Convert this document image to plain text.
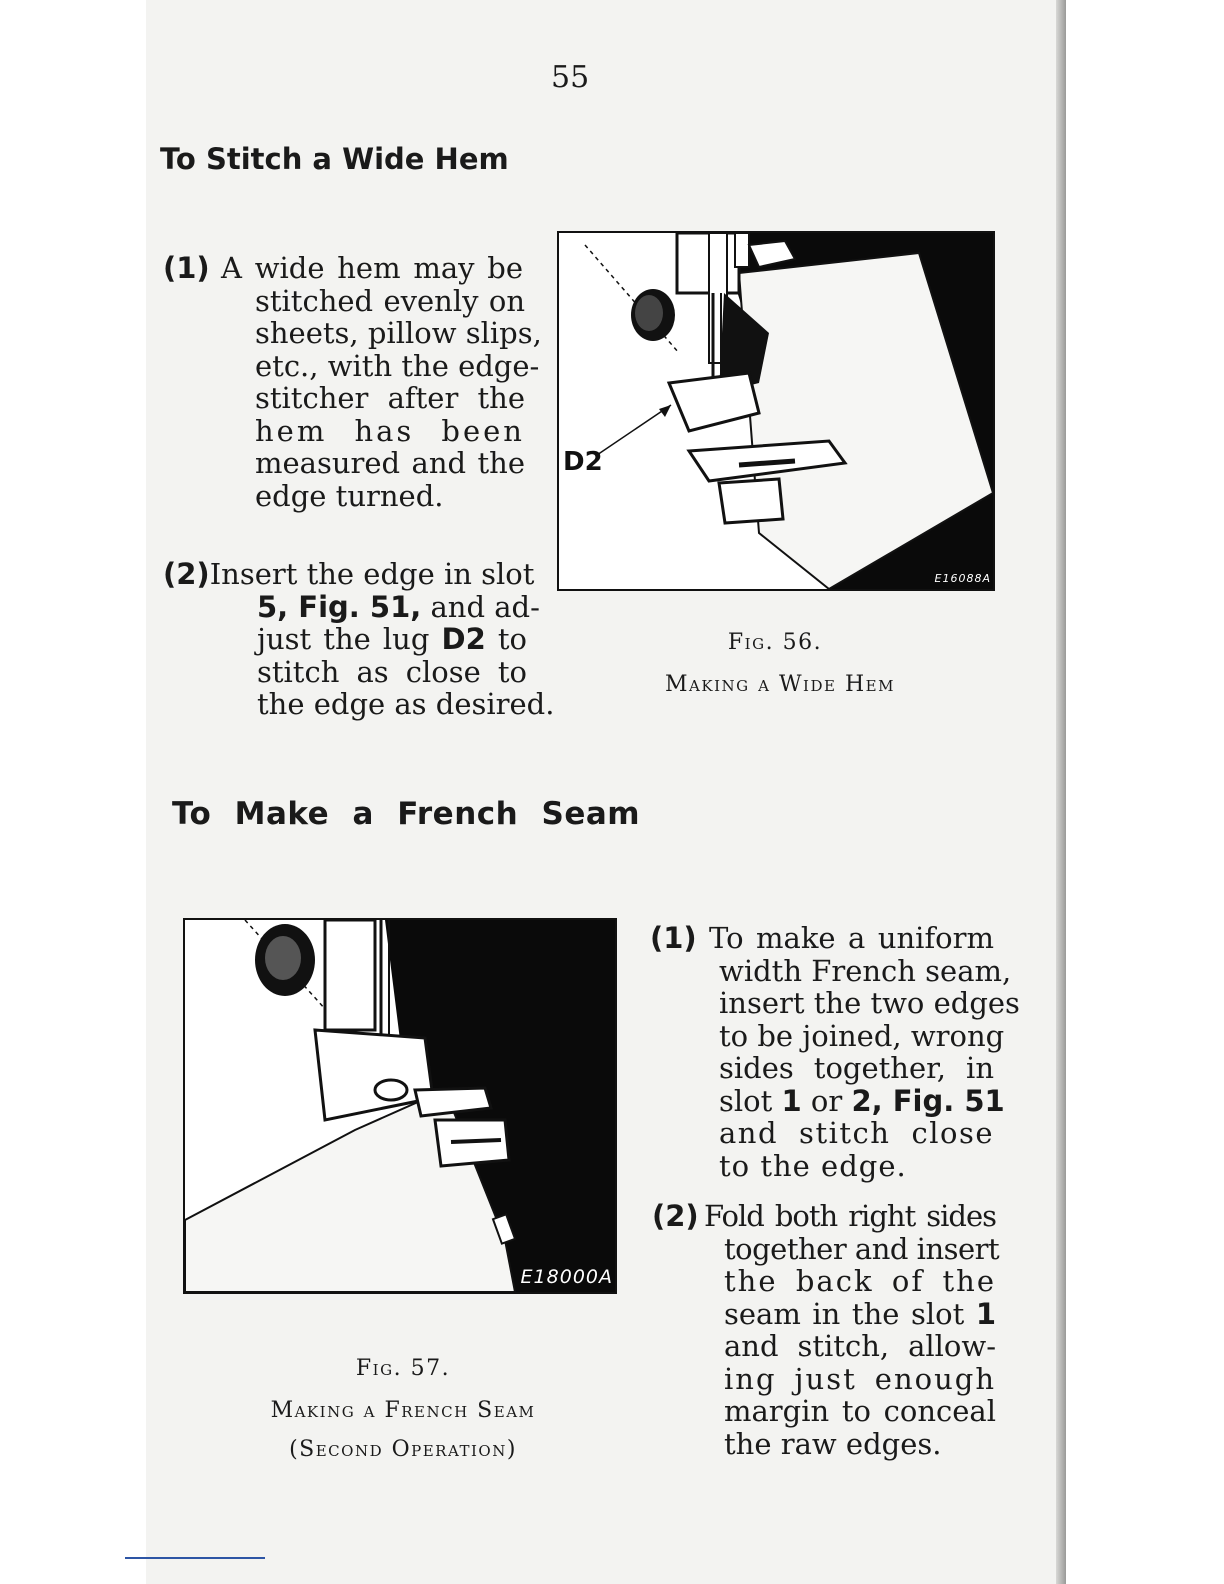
55
To Stitch a Wide Hem
(1) A wide hem may be
stitched evenly on
sheets, pillow slips,
etc., with the edge-
stitcher after the
hem has been
measured and the
edge turned.
(2)Insert the edge in slot
5, Fig. 51, and ad-
just the lug D2 to
stitch as close to
the edge as desired.
D2
E16088A
Fig. 56.
Making a Wide Hem
To Make a French Seam
E18000A
Fig. 57.
Making a French Seam
(Second Operation)
(1) To make a uniform
width French seam,
insert the two edges
to be joined, wrong
sides together, in
slot 1 or 2, Fig. 51
and stitch close
to the edge.
(2) Fold both right sides
together and insert
the back of the
seam in the slot 1
and stitch, allow-
ing just enough
margin to conceal
the raw edges.
